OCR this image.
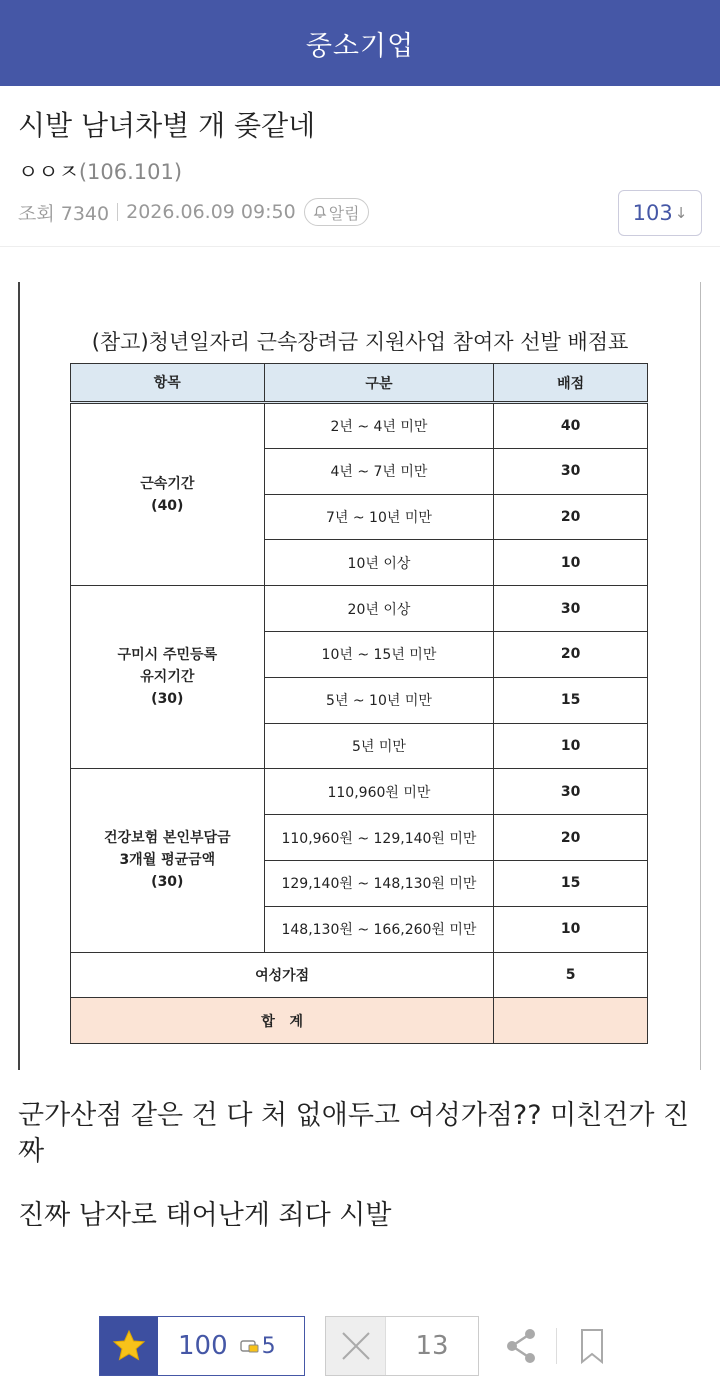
중소기업
시발 남녀차별 개 좆같네
ㅇㅇㅈ(106.101)
조회 7340 2026.06.09 09:50 알림	103 ↓
(참고)청년일자리 근속장려금 지원사업 참여자 선발 배점표
항목	구분	배점

근속기간
(40)	2년 ~ 4년 미만	40
	4년 ~ 7년 미만	30
	7년 ~ 10년 미만	20
	10년 이상	10

구미시 주민등록
유지기간
(30)	20년 이상	30
	10년 ~ 15년 미만	20
	5년 ~ 10년 미만	15
	5년 미만	10

건강보험 본인부담금
3개월 평균금액
(30)	110,960원 미만	30
	110,960원 ~ 129,140원 미만	20
	129,140원 ~ 148,130원 미만	15
	148,130원 ~ 166,260원 미만	10
여성가점		5
합   계		
군가산점 같은 건 다 처 없애두고 여성가점?? 미친건가 진짜
진짜 남자로 태어난게 죄다 시발
100 5	13
